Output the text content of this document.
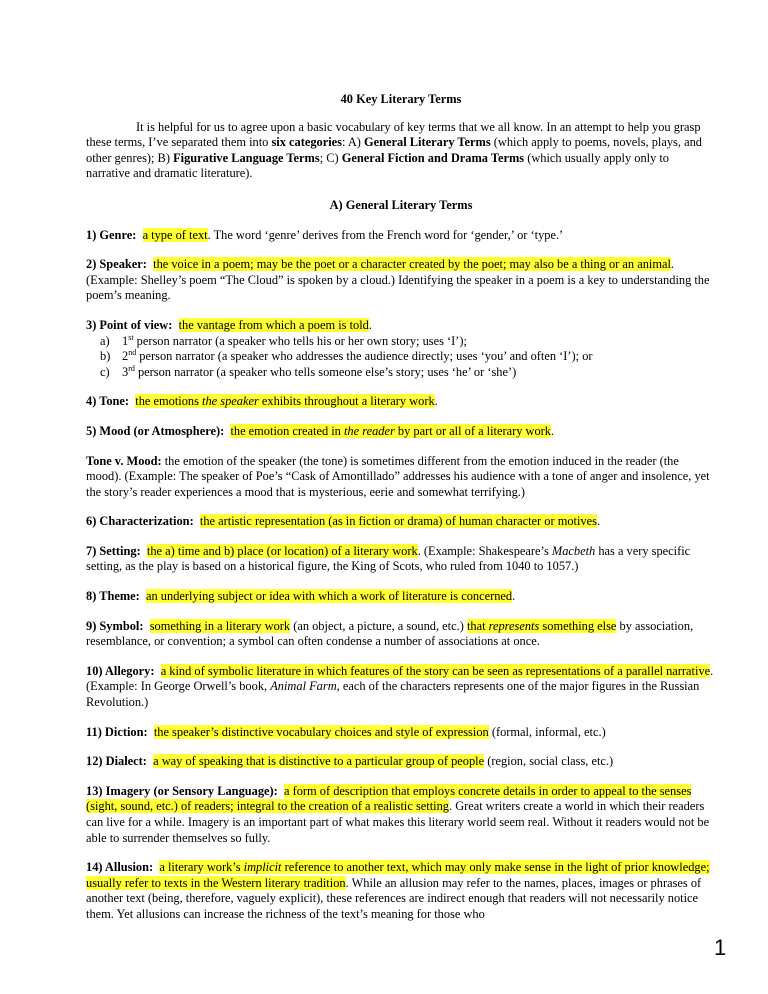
40 Key Literary Terms

It is helpful for us to agree upon a basic vocabulary of key terms that we all know. In an attempt to help you grasp these terms, I’ve separated them into six categories: A) General Literary Terms (which apply to poems, novels, plays, and other genres); B) Figurative Language Terms; C) General Fiction and Drama Terms (which usually apply only to narrative and dramatic literature).

A) General Literary Terms

1) Genre: a type of text. The word ‘genre’ derives from the French word for ‘gender,’ or ‘type.’

2) Speaker: the voice in a poem; may be the poet or a character created by the poet; may also be a thing or an animal. (Example: Shelley’s poem “The Cloud” is spoken by a cloud.) Identifying the speaker in a poem is a key to understanding the poem’s meaning.

3) Point of view: the vantage from which a poem is told.
a) 1st person narrator (a speaker who tells his or her own story; uses ‘I’);
b) 2nd person narrator (a speaker who addresses the audience directly; uses ‘you’ and often ‘I’); or
c) 3rd person narrator (a speaker who tells someone else’s story; uses ‘he’ or ‘she’)

4) Tone: the emotions the speaker exhibits throughout a literary work.

5) Mood (or Atmosphere): the emotion created in the reader by part or all of a literary work.

Tone v. Mood: the emotion of the speaker (the tone) is sometimes different from the emotion induced in the reader (the mood). (Example: The speaker of Poe’s “Cask of Amontillado” addresses his audience with a tone of anger and insolence, yet the story’s reader experiences a mood that is mysterious, eerie and somewhat terrifying.)

6) Characterization: the artistic representation (as in fiction or drama) of human character or motives.

7) Setting: the a) time and b) place (or location) of a literary work. (Example: Shakespeare’s Macbeth has a very specific setting, as the play is based on a historical figure, the King of Scots, who ruled from 1040 to 1057.)

8) Theme: an underlying subject or idea with which a work of literature is concerned.

9) Symbol: something in a literary work (an object, a picture, a sound, etc.) that represents something else by association, resemblance, or convention; a symbol can often condense a number of associations at once.

10) Allegory: a kind of symbolic literature in which features of the story can be seen as representations of a parallel narrative. (Example: In George Orwell’s book, Animal Farm, each of the characters represents one of the major figures in the Russian Revolution.)

11) Diction: the speaker’s distinctive vocabulary choices and style of expression (formal, informal, etc.)

12) Dialect: a way of speaking that is distinctive to a particular group of people (region, social class, etc.)

13) Imagery (or Sensory Language): a form of description that employs concrete details in order to appeal to the senses (sight, sound, etc.) of readers; integral to the creation of a realistic setting. Great writers create a world in which their readers can live for a while. Imagery is an important part of what makes this literary world seem real. Without it readers would not be able to surrender themselves so fully.

14) Allusion: a literary work’s implicit reference to another text, which may only make sense in the light of prior knowledge; usually refer to texts in the Western literary tradition. While an allusion may refer to the names, places, images or phrases of another text (being, therefore, vaguely explicit), these references are indirect enough that readers will not necessarily notice them. Yet allusions can increase the richness of the text’s meaning for those who

1
